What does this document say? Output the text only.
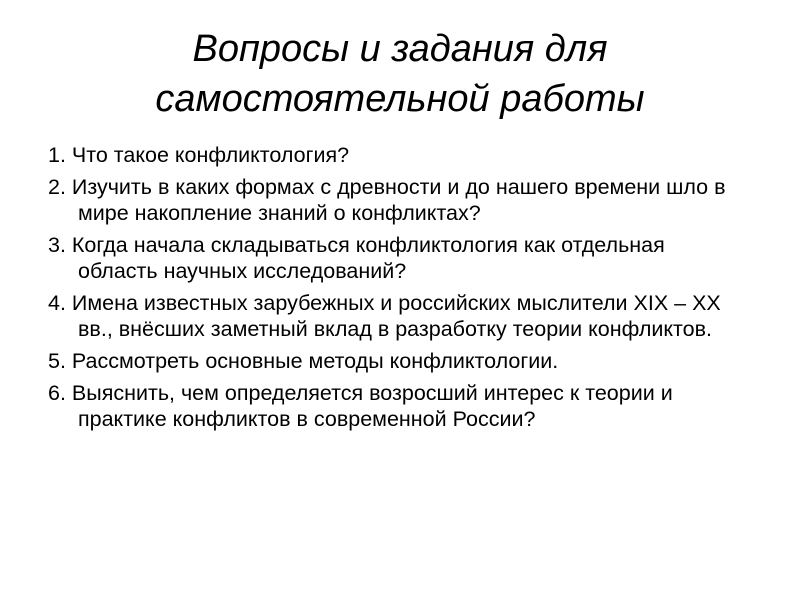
Вопросы и задания для
самостоятельной работы
1. Что такое конфликтология?
2. Изучить в каких формах с древности и до нашего времени шло в мире накопление знаний о конфликтах?
3. Когда начала складываться конфликтология как отдельная область научных исследований?
4. Имена известных зарубежных и российских мыслители XIX – XX вв., внёсших заметный вклад в разработку теории конфликтов.
5. Рассмотреть основные методы конфликтологии.
6. Выяснить, чем определяется возросший интерес к теории и практике конфликтов в современной России?
